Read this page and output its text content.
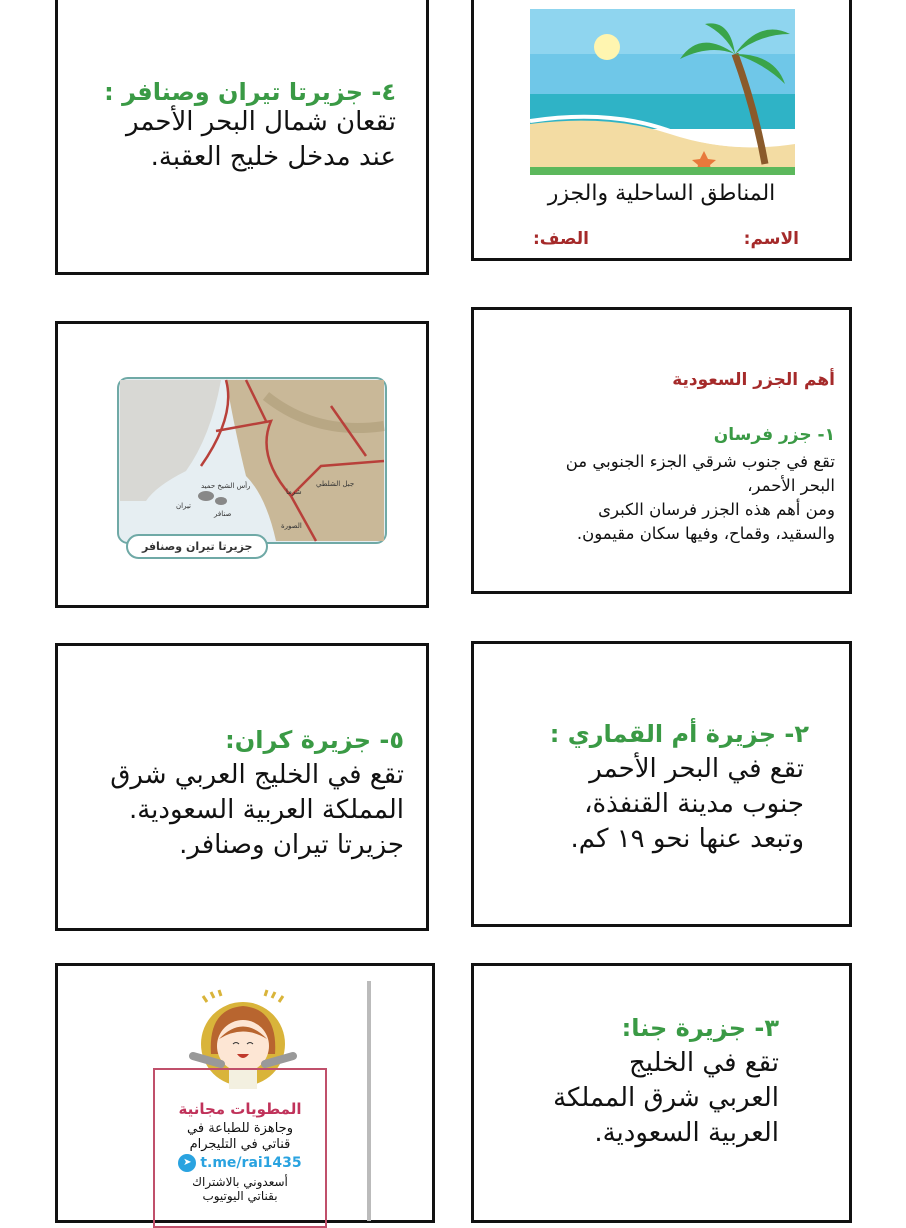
٤- جزيرتا تيران وصنافر :
تقعان شمال البحر الأحمر
عند مدخل خليج العقبة.
المناطق الساحلية والجزر
الاسم:
الصف:
تيران
صنافر
رأس الشيخ حميد
الصورة
شرما
جبل الشلطي
جزيرتا تيران وصنافر
أهم الجزر السعودية
١- جزر فرسان
تقع في جنوب شرقي الجزء الجنوبي من
البحر الأحمر،
ومن أهم هذه الجزر فرسان الكبرى
والسقيد، وقماح، وفيها سكان مقيمون.
٥- جزيرة كران:
تقع في الخليج العربي شرق
المملكة العربية السعودية.
جزيرتا تيران وصنافر.
٢- جزيرة أم القماري :
تقع في البحر الأحمر
جنوب مدينة القنفذة،
وتبعد عنها نحو ١٩ كم.
المطويات مجانية
وجاهزة للطباعة في
قناتي في التليجرام
➤ t.me/rai1435
أسعدوني بالاشتراك
بقناتي اليوتيوب
٣- جزيرة جنا:
تقع في الخليج
العربي شرق المملكة
العربية السعودية.
